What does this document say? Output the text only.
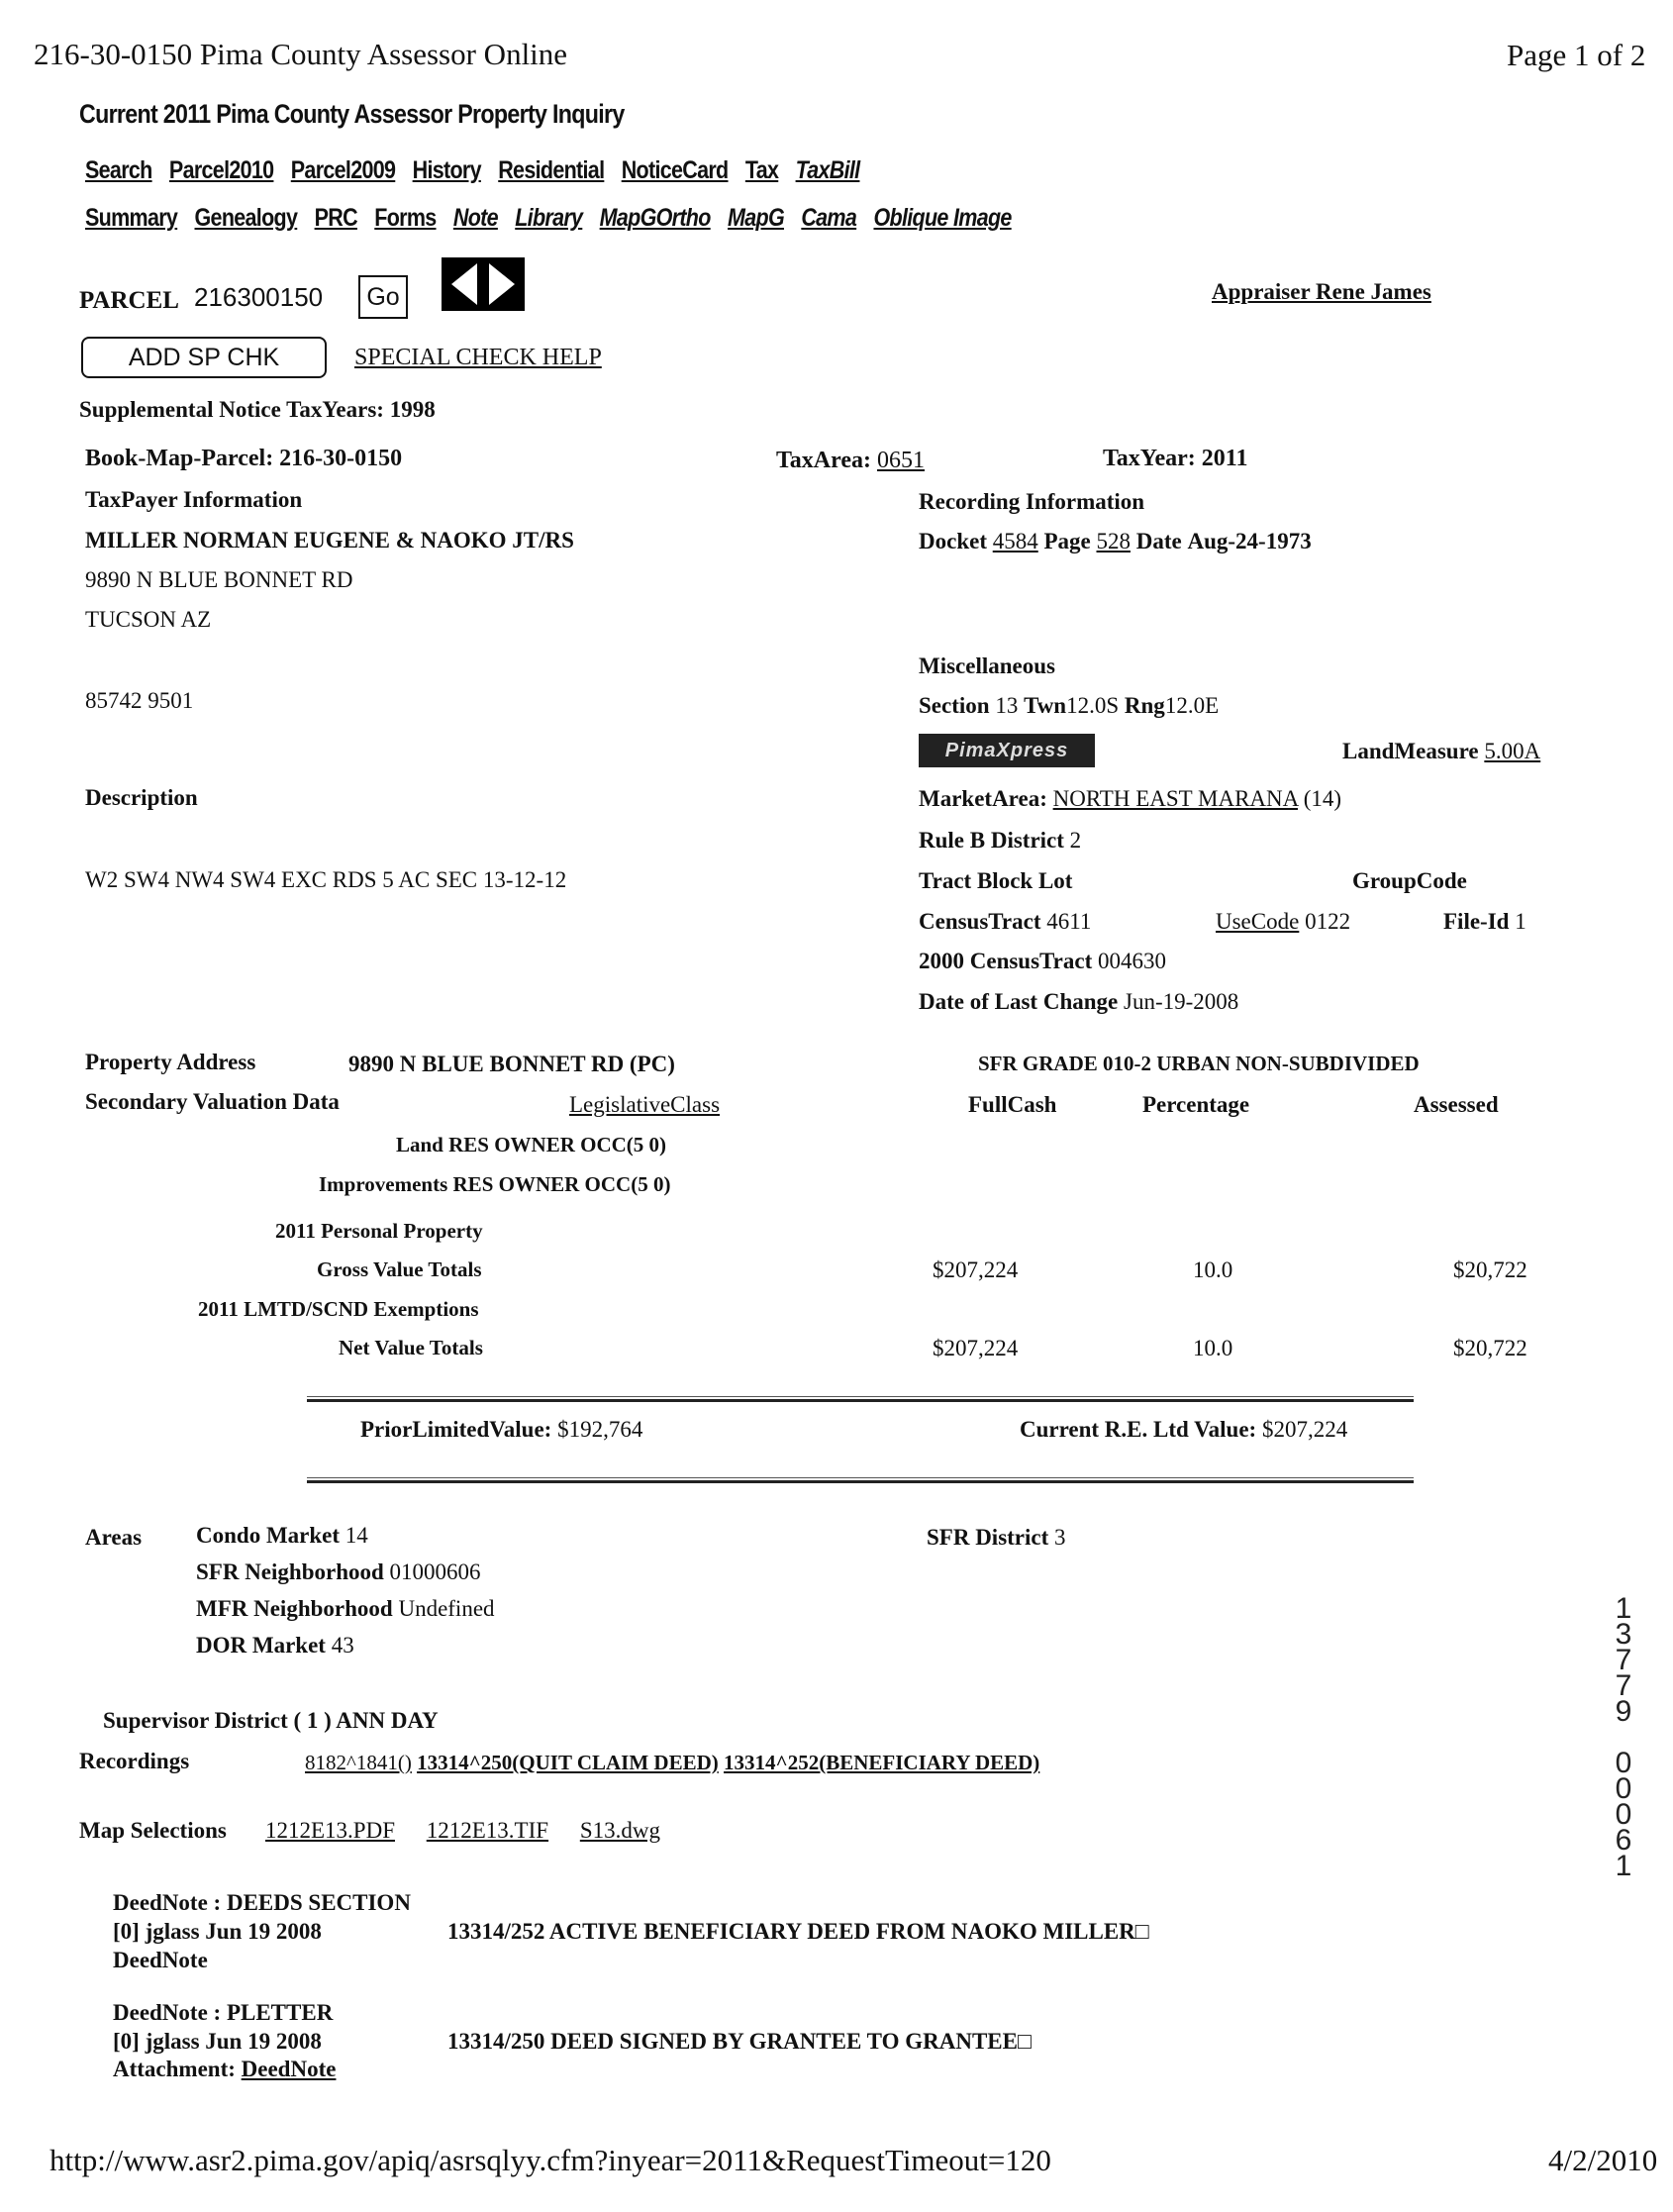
216-30-0150 Pima County Assessor Online	Page 1 of 2
Current 2011 Pima County Assessor Property Inquiry
Search Parcel2010 Parcel2009 History Residential NoticeCard Tax TaxBill
Summary Genealogy PRC Forms Note Library MapGOrtho MapG Cama Oblique Image
PARCEL 216300150	Go	Appraiser Rene James
ADD SP CHK	SPECIAL CHECK HELP
Supplemental Notice TaxYears: 1998
Book-Map-Parcel: 216-30-0150	TaxArea: 0651	TaxYear: 2011
TaxPayer Information
MILLER NORMAN EUGENE & NAOKO JT/RS
9890 N BLUE BONNET RD
TUCSON AZ
85742 9501
Recording Information
Docket 4584 Page 528 Date Aug-24-1973
Miscellaneous
Section 13 Twn12.0S Rng12.0E
PimaXpress	LandMeasure 5.00A
MarketArea: NORTH EAST MARANA (14)
Rule B District 2
Tract Block Lot	GroupCode
CensusTract 4611	UseCode 0122	File-Id 1
2000 CensusTract 004630
Date of Last Change Jun-19-2008
Description
W2 SW4 NW4 SW4 EXC RDS 5 AC SEC 13-12-12
Property Address	9890 N BLUE BONNET RD (PC)	SFR GRADE 010-2 URBAN NON-SUBDIVIDED
Secondary Valuation Data	LegislativeClass	FullCash	Percentage	Assessed
Land RES OWNER OCC(5 0)
Improvements RES OWNER OCC(5 0)
2011 Personal Property
Gross Value Totals	$207,224	10.0	$20,722
2011 LMTD/SCND Exemptions
Net Value Totals	$207,224	10.0	$20,722
PriorLimitedValue: $192,764	Current R.E. Ltd Value: $207,224
Areas Condo Market 14
SFR Neighborhood 01000606
MFR Neighborhood Undefined
DOR Market 43
SFR District 3
Supervisor District ( 1 ) ANN DAY
Recordings	8182^1841() 13314^250(QUIT CLAIM DEED) 13314^252(BENEFICIARY DEED)
Map Selections 1212E13.PDF 1212E13.TIF S13.dwg
DeedNote : DEEDS SECTION
[0] jglass Jun 19 2008
DeedNote
13314/252 ACTIVE BENEFICIARY DEED FROM NAOKO MILLER□
DeedNote : PLETTER
[0] jglass Jun 19 2008
Attachment: DeedNote
13314/250 DEED SIGNED BY GRANTEE TO GRANTEE□
1
3
7
7
9
0
0
0
6
1
http://www.asr2.pima.gov/apiq/asrsqlyy.cfm?inyear=2011&RequestTimeout=120	4/2/2010
